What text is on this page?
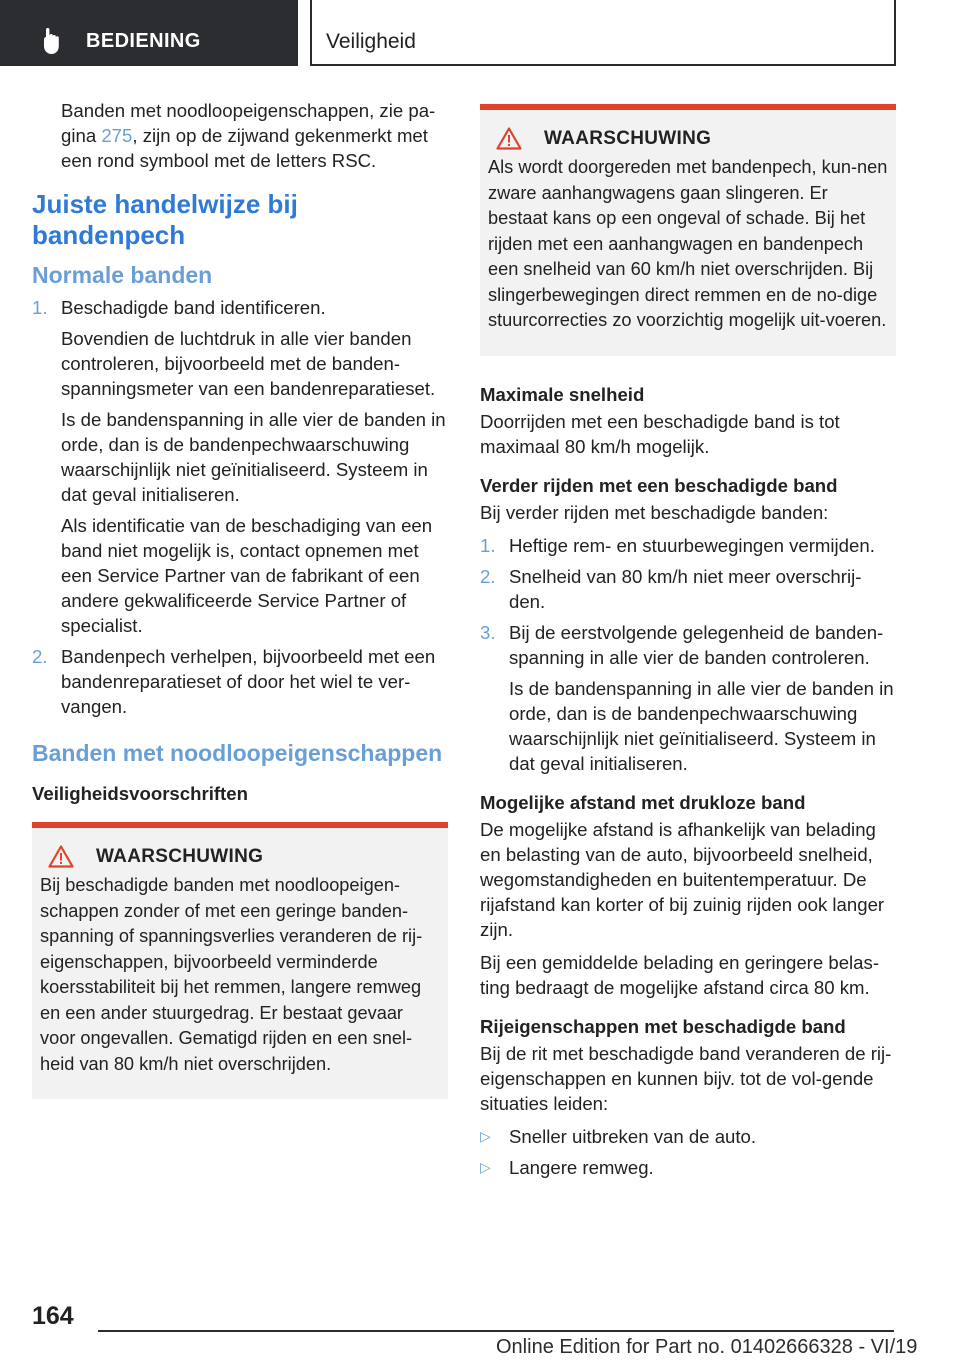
BEDIENING	Veiligheid

Banden met noodloopeigenschappen, zie pa-gina 275, zijn op de zijwand gekenmerkt met een rond symbool met de letters RSC.

Juiste handelwijze bij bandenpech
Normale banden
1. Beschadigde band identificeren.

Bovendien de luchtdruk in alle vier banden controleren, bijvoorbeeld met de banden-spanningsmeter van een bandenreparatieset.

Is de bandenspanning in alle vier de banden in orde, dan is de bandenpechwaarschuwing waarschijnlijk niet geïnitialiseerd. Systeem in dat geval initialiseren.

Als identificatie van de beschadiging van een band niet mogelijk is, contact opnemen met een Service Partner van de fabrikant of een andere gekwalificeerde Service Partner of specialist.

2. Bandenpech verhelpen, bijvoorbeeld met een bandenreparatieset of door het wiel te ver-vangen.
Banden met noodloopeigenschappen
Veiligheidsvoorschriften
WAARSCHUWING

Bij beschadigde banden met noodloopeigen-schappen zonder of met een geringe banden-spanning of spanningsverlies veranderen de rij-eigenschappen, bijvoorbeeld verminderde koersstabiliteit bij het remmen, langere remweg en een ander stuurgedrag. Er bestaat gevaar voor ongevallen. Gematigd rijden en een snel-heid van 80 km/h niet overschrijden.

WAARSCHUWING

Als wordt doorgereden met bandenpech, kun-nen zware aanhangwagens gaan slingeren. Er bestaat kans op een ongeval of schade. Bij het rijden met een aanhangwagen en bandenpech een snelheid van 60 km/h niet overschrijden. Bij slingerbewegingen direct remmen en de no-dige stuurcorrecties zo voorzichtig mogelijk uit-voeren.

Maximale snelheid

Doorrijden met een beschadigde band is tot maximaal 80 km/h mogelijk.

Verder rijden met een beschadigde band

Bij verder rijden met beschadigde banden:

1. Heftige rem- en stuurbewegingen vermijden.
2. Snelheid van 80 km/h niet meer overschrij-den.
3. Bij de eerstvolgende gelegenheid de banden-spanning in alle vier de banden controleren.

Is de bandenspanning in alle vier de banden in orde, dan is de bandenpechwaarschuwing waarschijnlijk niet geïnitialiseerd. Systeem in dat geval initialiseren.

Mogelijke afstand met drukloze band

De mogelijke afstand is afhankelijk van belading en belasting van de auto, bijvoorbeeld snelheid, wegomstandigheden en buitentemperatuur. De rijafstand kan korter of bij zuinig rijden ook langer zijn.

Bij een gemiddelde belading en geringere belas-ting bedraagt de mogelijke afstand circa 80 km.

Rijeigenschappen met beschadigde band

Bij de rit met beschadigde band veranderen de rij-eigenschappen en kunnen bijv. tot de vol-gende situaties leiden:

▷ Sneller uitbreken van de auto.
▷ Langere remweg.
164
Online Edition for Part no. 01402666328 - VI/19
